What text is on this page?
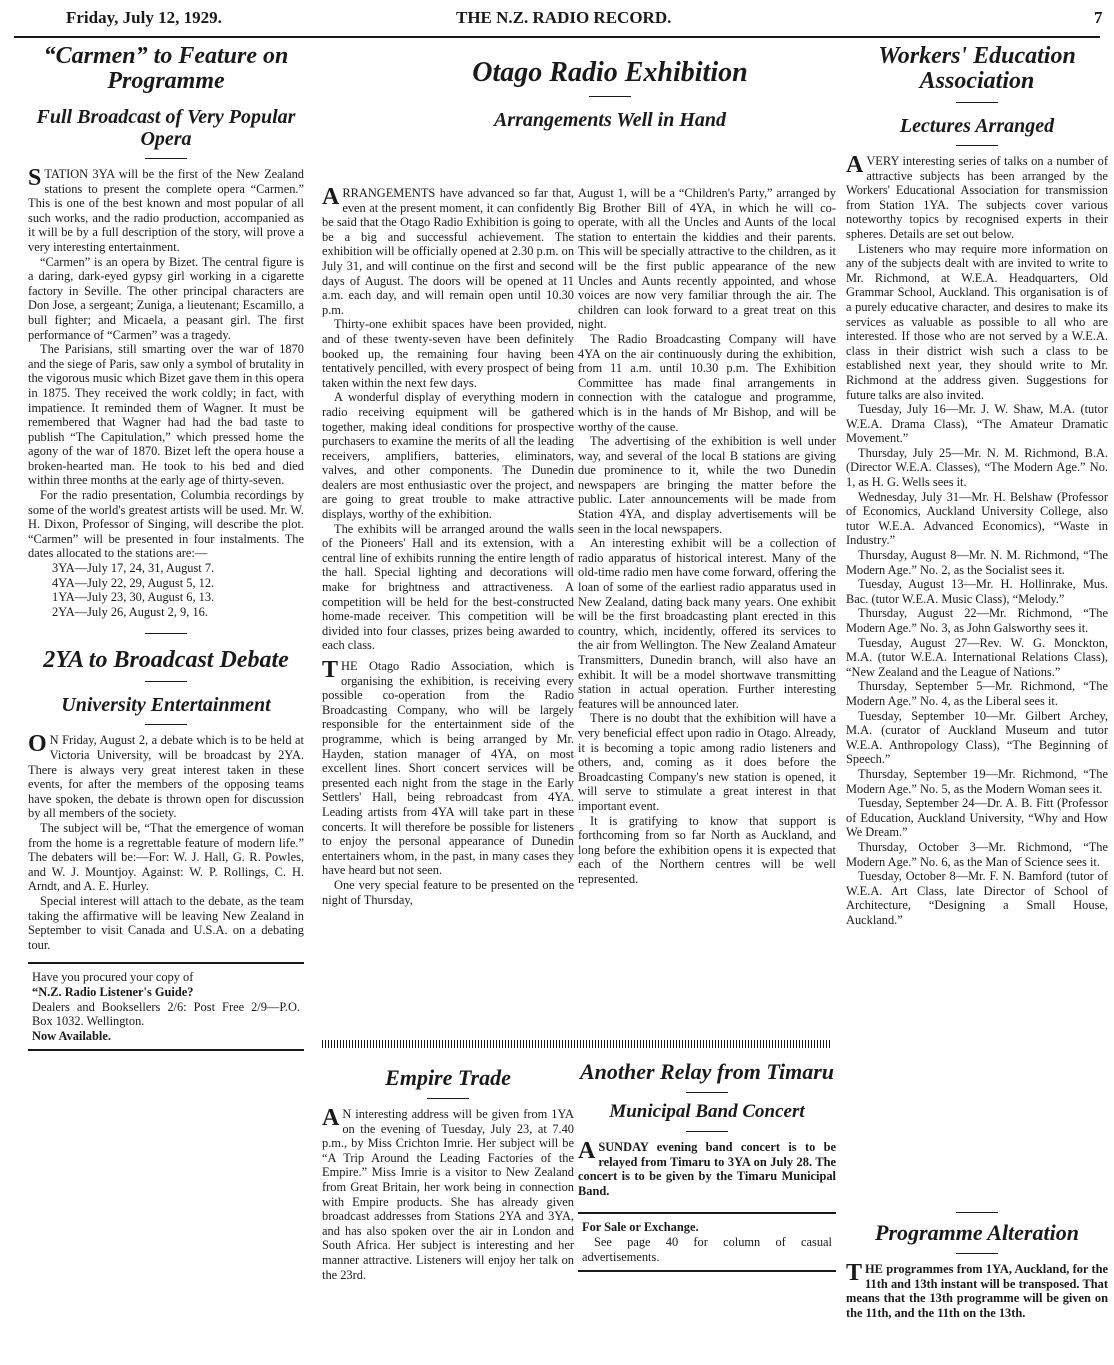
Friday, July 12, 1929.	THE N.Z. RADIO RECORD.	7
“Carmen” to Feature on Programme
Full Broadcast of Very Popular Opera

STATION 3YA will be the first of the New Zealand stations to present the complete opera “Carmen.” This is one of the best known and most popular of all such works, and the radio production, accompanied as it will be by a full description of the story, will prove a very interesting entertainment.

“Carmen” is an opera by Bizet. The central figure is a daring, dark-eyed gypsy girl working in a cigarette factory in Seville. The other principal characters are Don Jose, a sergeant; Zuniga, a lieutenant; Escamillo, a bull fighter; and Micaela, a peasant girl. The first performance of “Carmen” was a tragedy.

The Parisians, still smarting over the war of 1870 and the siege of Paris, saw only a symbol of brutality in the vigorous music which Bizet gave them in this opera in 1875. They received the work coldly; in fact, with impatience. It reminded them of Wagner. It must be remembered that Wagner had had the bad taste to publish “The Capitulation,” which pressed home the agony of the war of 1870. Bizet left the opera house a broken-hearted man. He took to his bed and died within three months at the early age of thirty-seven.

For the radio presentation, Columbia recordings by some of the world's greatest artists will be used. Mr. W. H. Dixon, Professor of Singing, will describe the plot. “Carmen” will be presented in four instalments. The dates allocated to the stations are:—

3YA—July 17, 24, 31, August 7.
4YA—July 22, 29, August 5, 12.
1YA—July 23, 30, August 6, 13.
2YA—July 26, August 2, 9, 16.
2YA to Broadcast Debate
University Entertainment

O N Friday, August 2, a debate which is to be held at Victoria University, will be broadcast by 2YA. There is always very great interest taken in these events, for after the members of the opposing teams have spoken, the debate is thrown open for discussion by all members of the society.

The subject will be, “That the emergence of woman from the home is a regrettable feature of modern life.” The debaters will be:—For: W. J. Hall, G. R. Powles, and W. J. Mountjoy. Against: W. P. Rollings, C. H. Arndt, and A. E. Hurley.

Special interest will attach to the debate, as the team taking the affirmative will be leaving New Zealand in September to visit Canada and U.S.A. on a debating tour.

Have you procured your copy of

“N.Z. Radio Listener's Guide?

Dealers and Booksellers 2/6: Post Free 2/9—P.O. Box 1032. Wellington.

Now Available.

Otago Radio Exhibition
Arrangements Well in Hand

ARRANGEMENTS have advanced so far that, even at the present moment, it can confidently be said that the Otago Radio Exhibition is going to be a big and successful achievement. The exhibition will be officially opened at 2.30 p.m. on July 31, and will continue on the first and second days of August. The doors will be opened at 11 a.m. each day, and will remain open until 10.30 p.m.

Thirty-one exhibit spaces have been provided, and of these twenty-seven have been definitely booked up, the remaining four having been tentatively pencilled, with every prospect of being taken within the next few days.

A wonderful display of everything modern in radio receiving equipment will be gathered together, making ideal conditions for prospective purchasers to examine the merits of all the leading receivers, amplifiers, batteries, eliminators, valves, and other components. The Dunedin dealers are most enthusiastic over the project, and are going to great trouble to make attractive displays, worthy of the exhibition.

The exhibits will be arranged around the walls of the Pioneers' Hall and its extension, with a central line of exhibits running the entire length of the hall. Special lighting and decorations will make for brightness and attractiveness. A competition will be held for the best-constructed home-made receiver. This competition will be divided into four classes, prizes being awarded to each class.

THE Otago Radio Association, which is organising the exhibition, is receiving every possible co-operation from the Radio Broadcasting Company, who will be largely responsible for the entertainment side of the programme, which is being arranged by Mr. Hayden, station manager of 4YA, on most excellent lines. Short concert services will be presented each night from the stage in the Early Settlers' Hall, being rebroadcast from 4YA. Leading artists from 4YA will take part in these concerts. It will therefore be possible for listeners to enjoy the personal appearance of Dunedin entertainers whom, in the past, in many cases they have heard but not seen.

One very special feature to be presented on the night of Thursday,

Empire Trade

A N interesting address will be given from 1YA on the evening of Tuesday, July 23, at 7.40 p.m., by Miss Crichton Imrie. Her subject will be “A Trip Around the Leading Factories of the Empire.” Miss Imrie is a visitor to New Zealand from Great Britain, her work being in connection with Empire products. She has already given broadcast addresses from Stations 2YA and 3YA, and has also spoken over the air in London and South Africa. Her subject is interesting and her manner attractive. Listeners will enjoy her talk on the 23rd.

August 1, will be a “Children's Party,” arranged by Big Brother Bill of 4YA, in which he will co-operate, with all the Uncles and Aunts of the local station to entertain the kiddies and their parents. This will be specially attractive to the children, as it will be the first public appearance of the new Uncles and Aunts recently appointed, and whose voices are now very familiar through the air. The children can look forward to a great treat on this night.

The Radio Broadcasting Company will have 4YA on the air continuously during the exhibition, from 11 a.m. until 10.30 p.m. The Exhibition Committee has made final arrangements in connection with the catalogue and programme, which is in the hands of Mr Bishop, and will be worthy of the cause.

The advertising of the exhibition is well under way, and several of the local B stations are giving due prominence to it, while the two Dunedin newspapers are bringing the matter before the public. Later announcements will be made from Station 4YA, and display advertisements will be seen in the local newspapers.

An interesting exhibit will be a collection of radio apparatus of historical interest. Many of the old-time radio men have come forward, offering the loan of some of the earliest radio apparatus used in New Zealand, dating back many years. One exhibit will be the first broadcasting plant erected in this country, which, incidently, offered its services to the air from Wellington. The New Zealand Amateur Transmitters, Dunedin branch, will also have an exhibit. It will be a model shortwave transmitting station in actual operation. Further interesting features will be announced later.

There is no doubt that the exhibition will have a very beneficial effect upon radio in Otago. Already, it is becoming a topic among radio listeners and others, and, coming as it does before the Broadcasting Company's new station is opened, it will serve to stimulate a great interest in that important event.

It is gratifying to know that support is forthcoming from so far North as Auckland, and long before the exhibition opens it is expected that each of the Northern centres will be well represented.

Another Relay from Timaru
Municipal Band Concert

ASUNDAY evening band concert is to be relayed from Timaru to 3YA on July 28. The concert is to be given by the Timaru Municipal Band.

For Sale or Exchange.

See page 40 for column of casual advertisements.

Workers' Education Association
Lectures Arranged

AVERY interesting series of talks on a number of attractive subjects has been arranged by the Workers' Educational Association for transmission from Station 1YA. The subjects cover various noteworthy topics by recognised experts in their spheres. Details are set out below.

Listeners who may require more information on any of the subjects dealt with are invited to write to Mr. Richmond, at W.E.A. Headquarters, Old Grammar School, Auckland. This organisation is of a purely educative character, and desires to make its services as valuable as possible to all who are interested. If those who are not served by a W.E.A. class in their district wish such a class to be established next year, they should write to Mr. Richmond at the address given. Suggestions for future talks are also invited.

Tuesday, July 16—Mr. J. W. Shaw, M.A. (tutor W.E.A. Drama Class), “The Amateur Dramatic Movement.”

Thursday, July 25—Mr. N. M. Richmond, B.A. (Director W.E.A. Classes), “The Modern Age.” No. 1, as H. G. Wells sees it.

Wednesday, July 31—Mr. H. Belshaw (Professor of Economics, Auckland University College, also tutor W.E.A. Advanced Economics), “Waste in Industry.”

Thursday, August 8—Mr. N. M. Richmond, “The Modern Age.” No. 2, as the Socialist sees it.

Tuesday, August 13—Mr. H. Hollinrake, Mus. Bac. (tutor W.E.A. Music Class), “Melody.”

Thursday, August 22—Mr. Richmond, “The Modern Age.” No. 3, as John Galsworthy sees it.

Tuesday, August 27—Rev. W. G. Monckton, M.A. (tutor W.E.A. International Relations Class), “New Zealand and the League of Nations.”

Thursday, September 5—Mr. Richmond, “The Modern Age.” No. 4, as the Liberal sees it.

Tuesday, September 10—Mr. Gilbert Archey, M.A. (curator of Auckland Museum and tutor W.E.A. Anthropology Class), “The Beginning of Speech.”

Thursday, September 19—Mr. Richmond, “The Modern Age.” No. 5, as the Modern Woman sees it.

Tuesday, September 24—Dr. A. B. Fitt (Professor of Education, Auckland University, “Why and How We Dream.”

Thursday, October 3—Mr. Richmond, “The Modern Age.” No. 6, as the Man of Science sees it.

Tuesday, October 8—Mr. F. N. Bamford (tutor of W.E.A. Art Class, late Director of School of Architecture, “Designing a Small House, Auckland.”

Programme Alteration

THE programmes from 1YA, Auckland, for the 11th and 13th instant will be transposed. That means that the 13th programme will be given on the 11th, and the 11th on the 13th.
